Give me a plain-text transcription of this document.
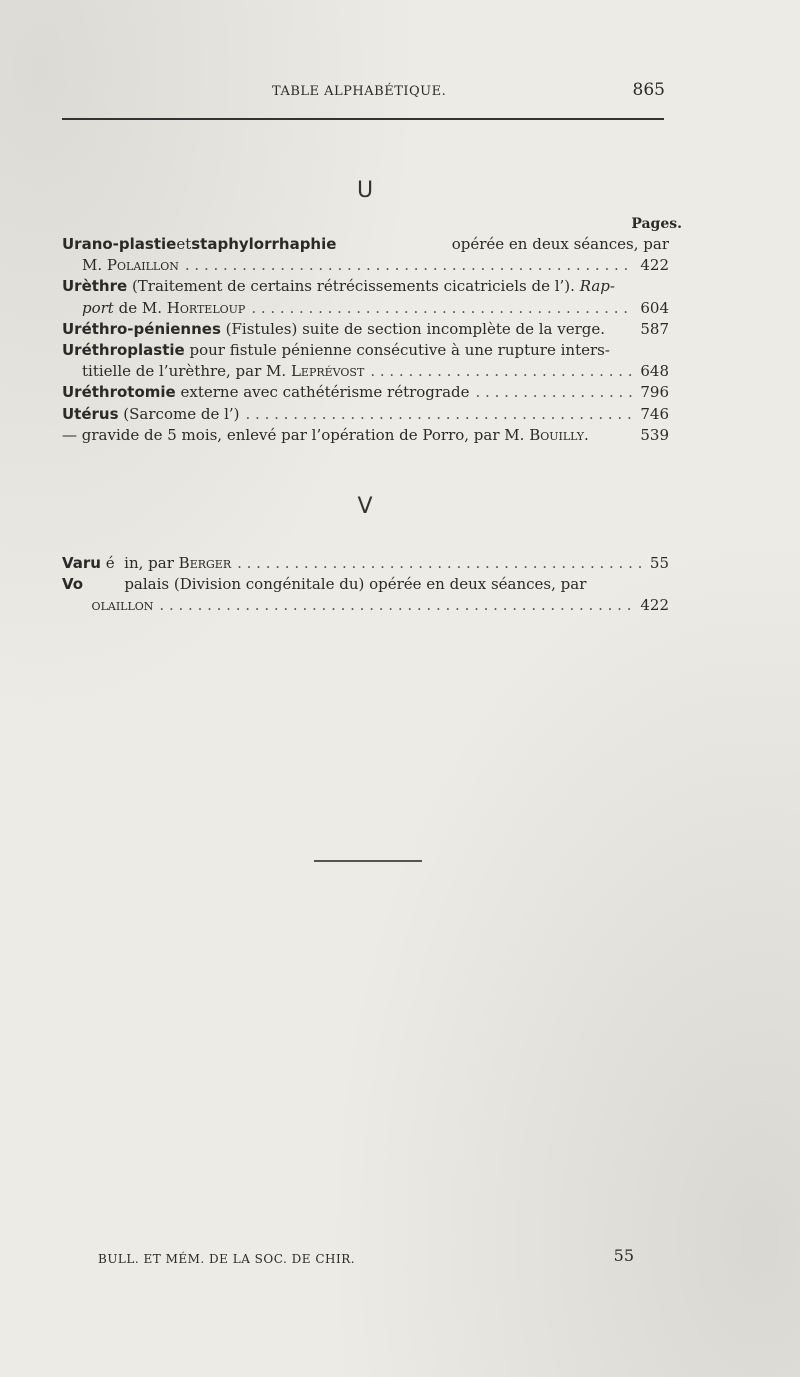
TABLE ALPHABÉTIQUE.	865
U
Pages.
Urano-plastie et staphylorrhaphie	opérée en deux séances, par
M. Polaillon . . .	422
Urèthre (Traitement de certains rétrécissements cicatriciels de l’). Rap-
port de M. Horteloup . . .	604
Uréthro-péniennes (Fistules) suite de section incomplète de la verge. 587
Uréthroplastie pour fistule pénienne consécutive à une rupture inters-
titielle de l’urèthre, par M. Leprévost . . .	648
Uréthrotomie externe avec cathétérisme rétrograde . . .	796
Utérus (Sarcome de l’) . . .	746
— gravide de 5 mois, enlevé par l’opération de Porro, par M. Bouilly.	539
V
Varu é  in, par Berger . . .	55
Vo	palais (Division congénitale du) opérée en deux séances, par
olaillon . . .	422
BULL. ET MÉM. DE LA SOC. DE CHIR.	55
